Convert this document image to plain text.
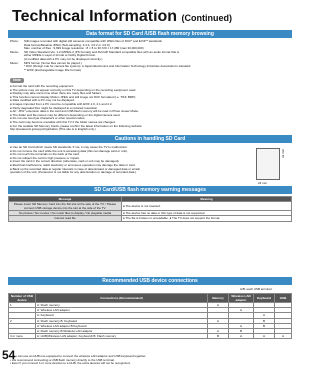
Technical Information (Continued)
Data format for SD Card /USB flash memory browsing
Photo:	Still images recorded with digital still cameras compatible with JPEG files of DCF* and EXIF** standards
Data format-Baseline JPEG (Sub-sampling: 4:4:4, 4:2:2 or 4:2:0)
Max. number of files : 9,999 Image resolution : 8 × 8 to 30,720 × 17,280 (max 30,000,000)
Movie:	SD Video Standard Ver. 1.2 (MPEG-2 (PS format)) and AVCHD Standard compatible files with an audio format that is
either MPEG-1 Layer-2 format or Dolby Digital format.
(A modified data with a PC may not be displayed correctly.)
Music:	MP3 format. (Some files cannot be played.)
* DCF (Design rule for camera file system): A Japan Electronics and Information Technology Industries Association's standard
** EXIF (Exchangeable Image File Format)
Note
● Format the card with the recording equipment.
● The picture may not appear correctly on this TV depending on the recording equipment used.
● Display may take some time when there are many files and folders.
● This function cannot display Motion JPEG and still image not DCF formatted (i.e. TIFF, BMP).
● Data modified with a PC may not be displayed.
● Images imported from a PC must be compatible with EXIF 2.0, 2.1 and 2.2.
● Partly degraded files might be displayed at a reduced resolution.
● All ".JPG" extension data in the card and USB flash memory will be read in Photo viewer Mode.
● The folder and file names may be different depending on the digital camera used.
● Do not use two-byte characters or other special codes.
● The card may become unusable with this TV if the folder names are changed.
● For the suitable SD Memory Cards, please confirm the latest information on the following website:
http://panasonic.jp/support/global/cs (This site is in English only.)
Cautions in handling SD Card
● Use an SD Card which meets SD standards. If not, it may cause the TV to malfunction.
● Do not remove the card while the unit is accessing data (this can damage card or unit).
● Do not touch the terminals on the back of the card.
● Do not subject the card to high pressure or impact.
● Insert the card in the correct direction (otherwise, card or unit may be damaged).
● Electrical interference, static electricity or erroneous operation may damage the data or card.
● Back up the recorded data at regular intervals in case of deteriorated or damaged data or erratic
operation of the unit. (Panasonic is not liable for any deterioration or damage of recorded data.)
32 mm
24 mm
SD Card/USB flash memory warning messages
Message	Meaning
Please insert SD Memory Card into the SD slot at the side of the TV. / Please connect USB storage device into the slot at the side of the TV.	● The device is not inserted.
No photos / No movies / No music files to display / No playable media	● The device has no data or this type of data is not supported.
Cannot read file	● The file is broken or unreadable. ● The TV does not support the format.
Recommended USB device connections
A/B: each USB terminal
Number of USB device	Connections (Recommended)	Memory	Wireless LAN adaptor	Keyboard	HUB
1	A: Flash memory	A			
	A: Wireless LAN adaptor		A		
	A: Keyboard			A	
2	A: Flash memory B: Keyboard	A		B	
	A: Wireless LAN adaptor B:Keyboard		A	B	
	A: Flash memory B:Wireless LAN adaptor	A	B		
3 or more	A: HUB(Wireless LAN adaptor, Keyboard) B: Flash memory	B	A	A	A
54
• You can use an HUB one equipped to connect the wireless LAN adaptor and USB keyboard together.
• We recommend connecting a USB flash memory directly to the USB terminal.
• Even if you connect it or more devices to a HUB, the extra devices will not be recognized.
